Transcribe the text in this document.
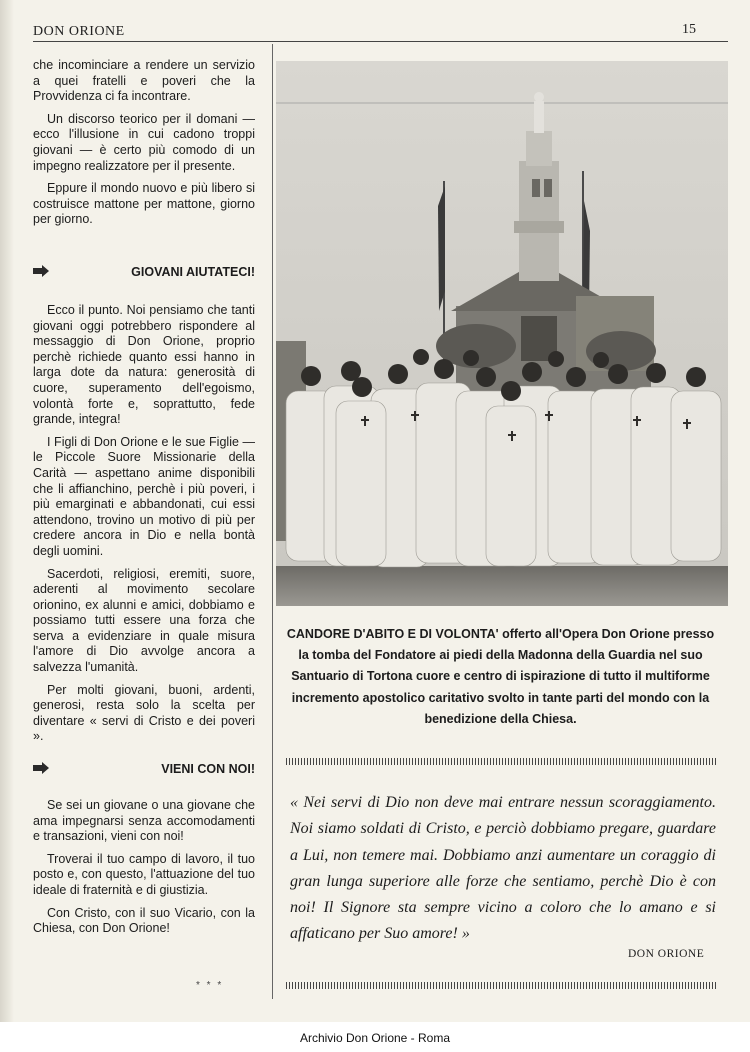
DON ORIONE	15

che incominciare a rendere un servizio a quei fratelli e poveri che la Provvidenza ci fa incontrare.

Un discorso teorico per il domani — ecco l'illusione in cui cadono troppi giovani — è certo più comodo di un impegno realizzatore per il presente.

Eppure il mondo nuovo e più libero si costruisce mattone per mattone, giorno per giorno.

GIOVANI AIUTATECI!

Ecco il punto. Noi pensiamo che tanti giovani oggi potrebbero rispondere al messaggio di Don Orione, proprio perchè richiede quanto essi hanno in larga dote da natura: generosità di cuore, superamento dell'egoismo, volontà forte e, soprattutto, fede grande, integra!

I Figli di Don Orione e le sue Figlie — le Piccole Suore Missionarie della Carità — aspettano anime disponibili che li affianchino, perchè i più poveri, i più emarginati e abbandonati, cui essi attendono, trovino un motivo di più per credere ancora in Dio e nella bontà degli uomini.

Sacerdoti, religiosi, eremiti, suore, aderenti al movimento secolare orionino, ex alunni e amici, dobbiamo e possiamo tutti essere una forza che serva a evidenziare in quale misura l'amore di Dio avvolge ancora a salvezza l'umanità.

Per molti giovani, buoni, ardenti, generosi, resta solo la scelta per diventare « servi di Cristo e dei poveri ».

VIENI CON NOI!

Se sei un giovane o una giovane che ama impegnarsi senza accomodamenti e transazioni, vieni con noi!

Troverai il tuo campo di lavoro, il tuo posto e, con questo, l'attuazione del tuo ideale di fraternità e di giustizia.

Con Cristo, con il suo Vicario, con la Chiesa, con Don Orione!

* * *
CANDORE D'ABITO E DI VOLONTA' offerto all'Opera Don Orione presso la tomba del Fondatore ai piedi della Madonna della Guardia nel suo Santuario di Tortona cuore e centro di ispirazione di tutto il multiforme incremento apostolico caritativo svolto in tante parti del mondo con la benedizione della Chiesa.
« Nei servi di Dio non deve mai entrare nessun scoraggiamento. Noi siamo soldati di Cristo, e perciò dobbiamo pregare, guardare a Lui, non temere mai. Dobbiamo anzi aumentare un coraggio di gran lunga superiore alle forze che sentiamo, perchè Dio è con noi! Il Signore sta sempre vicino a coloro che lo amano e si affaticano per Suo amore! »
DON ORIONE
Archivio Don Orione - Roma
